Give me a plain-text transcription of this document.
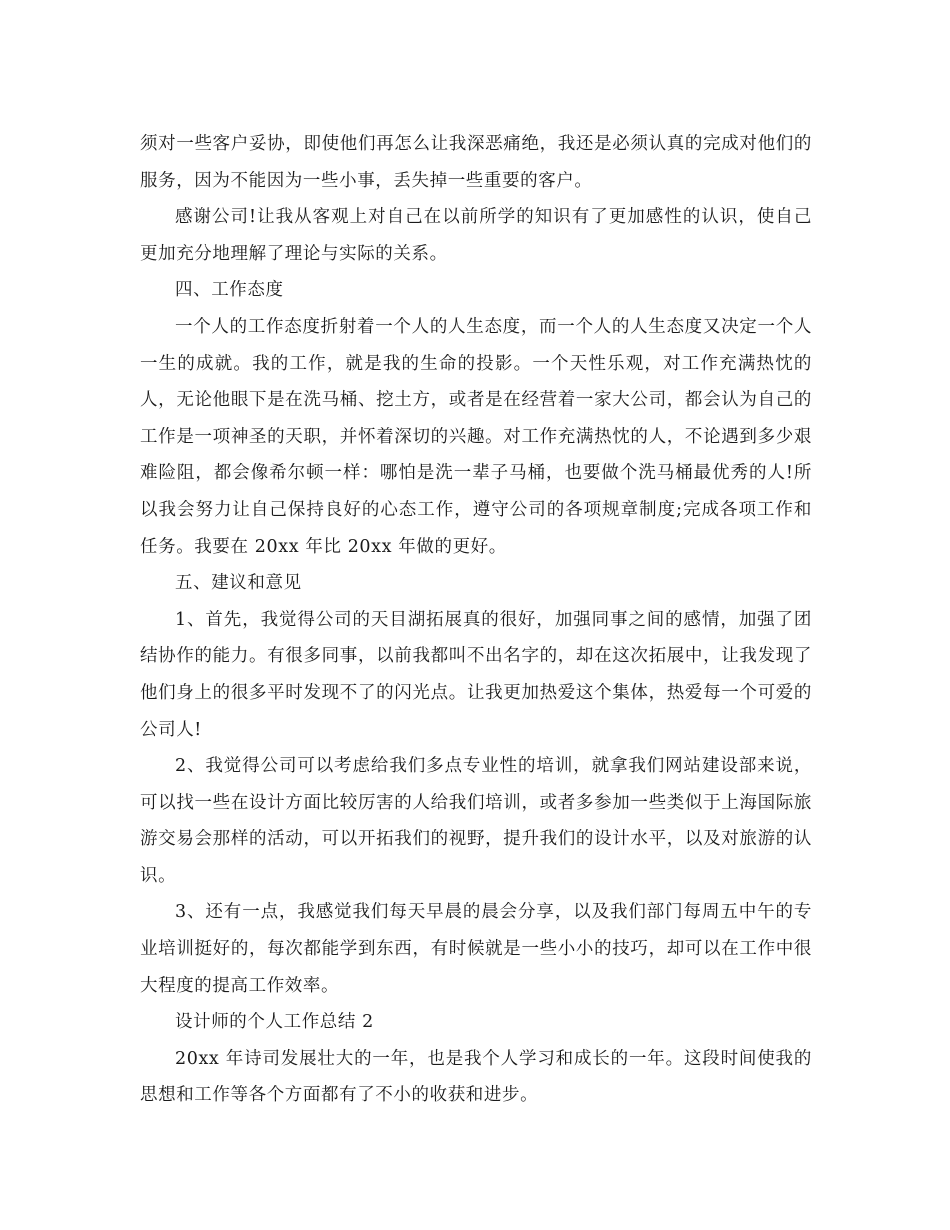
须对一些客户妥协，即使他们再怎么让我深恶痛绝，我还是必须认真的完成对他们的服务，因为不能因为一些小事，丢失掉一些重要的客户。

感谢公司!让我从客观上对自己在以前所学的知识有了更加感性的认识，使自己更加充分地理解了理论与实际的关系。

四、工作态度

一个人的工作态度折射着一个人的人生态度，而一个人的人生态度又决定一个人一生的成就。我的工作，就是我的生命的投影。一个天性乐观，对工作充满热忱的人，无论他眼下是在洗马桶、挖土方，或者是在经营着一家大公司，都会认为自己的工作是一项神圣的天职，并怀着深切的兴趣。对工作充满热忱的人，不论遇到多少艰难险阻，都会像希尔顿一样：哪怕是洗一辈子马桶，也要做个洗马桶最优秀的人!所以我会努力让自己保持良好的心态工作，遵守公司的各项规章制度;完成各项工作和任务。我要在 20xx 年比 20xx 年做的更好。

五、建议和意见

1、首先，我觉得公司的天目湖拓展真的很好，加强同事之间的感情，加强了团结协作的能力。有很多同事，以前我都叫不出名字的，却在这次拓展中，让我发现了他们身上的很多平时发现不了的闪光点。让我更加热爱这个集体，热爱每一个可爱的公司人!

2、我觉得公司可以考虑给我们多点专业性的培训，就拿我们网站建设部来说，可以找一些在设计方面比较厉害的人给我们培训，或者多参加一些类似于上海国际旅游交易会那样的活动，可以开拓我们的视野，提升我们的设计水平，以及对旅游的认识。

3、还有一点，我感觉我们每天早晨的晨会分享，以及我们部门每周五中午的专业培训挺好的，每次都能学到东西，有时候就是一些小小的技巧，却可以在工作中很大程度的提高工作效率。

设计师的个人工作总结 2

20xx 年诗司发展壮大的一年，也是我个人学习和成长的一年。这段时间使我的思想和工作等各个方面都有了不小的收获和进步。
